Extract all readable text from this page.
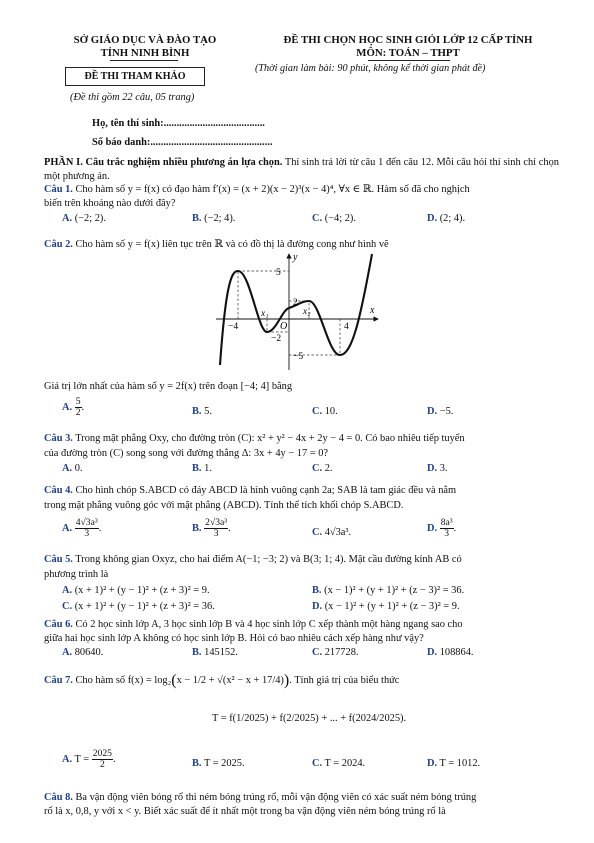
SỞ GIÁO DỤC VÀ ĐÀO TẠO
TỈNH NINH BÌNH
ĐỀ THI THAM KHẢO
(Đề thi gồm 22 câu, 05 trang)
ĐỀ THI CHỌN HỌC SINH GIỎI LỚP 12 CẤP TỈNH
MÔN: TOÁN – THPT
(Thời gian làm bài: 90 phút, không kể thời gian phát đề)
Họ, tên thí sinh:.......................................
Số báo danh:...............................................
PHẦN I. Câu trắc nghiệm nhiều phương án lựa chọn. Thí sinh trả lời từ câu 1 đến câu 12. Mỗi câu hỏi thí sinh chỉ chọn một phương án.
Câu 1. Cho hàm số y = f(x) có đạo hàm f′(x) = (x + 2)(x − 2)³(x − 4)⁴, ∀x ∈ ℝ. Hàm số đã cho nghịch
biến trên khoảng nào dưới đây?
A. (−2; 2).	B. (−2; 4).	C. (−4; 2).	D. (2; 4).
Câu 2. Cho hàm số y = f(x) liên tục trên ℝ và có đồ thị là đường cong như hình vẽ
y
x
O
5
2
−2
−5
−4
x₁	x₂
4
Giá trị lớn nhất của hàm số y = 2f(x) trên đoạn [−4; 4] bằng
A. $\frac{5}{2}$ .	B. 5.	C. 10.	D. −5.
Câu 3. Trong mặt phẳng Oxy, cho đường tròn (C): x² + y² − 4x + 2y − 4 = 0. Có bao nhiêu tiếp tuyến
của đường tròn (C) song song với đường thẳng Δ: 3x + 4y − 17 = 0?
A. 0.	B. 1.	C. 2.	D. 3.
Câu 4. Cho hình chóp S.ABCD có đáy ABCD là hình vuông cạnh 2a; SAB là tam giác đều và nằm
trong mặt phẳng vuông góc với mặt phẳng (ABCD). Tính thể tích khối chóp S.ABCD.
A. $\frac{\text{4√3a³}}{3}$ .	B. $\frac{\text{2√3a³}}{3}$ .	C. 4√3a³.	D. $\frac{\text{8a³}}{3}$ .
Câu 5. Trong không gian Oxyz, cho hai điểm A(−1; −3; 2) và B(3; 1; 4). Mặt cầu đường kính AB có
phương trình là
A. (x + 1)² + (y − 1)² + (z + 3)² = 9.	B. (x − 1)² + (y + 1)² + (z − 3)² = 36.
C. (x + 1)² + (y − 1)² + (z + 3)² = 36.	D. (x − 1)² + (y + 1)² + (z − 3)² = 9.
Câu 6. Có 2 học sinh lớp A, 3 học sinh lớp B và 4 học sinh lớp C xếp thành một hàng ngang sao cho
giữa hai học sinh lớp A không có học sinh lớp B. Hỏi có bao nhiêu cách xếp hàng như vậy?
A. 80640.	B. 145152.	C. 217728.	D. 108864.
Câu 7. Cho hàm số f(x) = log₂(x − 1/2 + √(x² − x + 17/4)). Tính giá trị của biểu thức
T = f(1/2025) + f(2/2025) + ... + f(2024/2025).
A. $T = \frac{2025}{2}$ .	B. T = 2025.	C. T = 2024.	D. T = 1012.
Câu 8. Ba vận động viên bóng rổ thi ném bóng trúng rổ, mỗi vận động viên có xác suất ném bóng trúng
rổ là x, 0,8, y với x < y. Biết xác suất để ít nhất một trong ba vận động viên ném bóng trúng rổ là
